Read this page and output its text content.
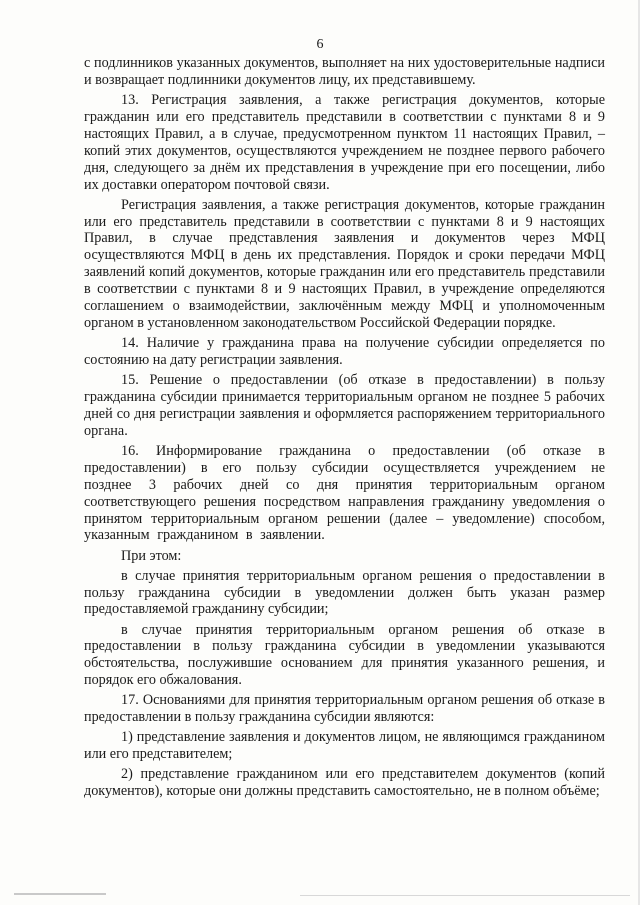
6

с подлинников указанных документов, выполняет на них удостоверительные надписи и возвращает подлинники документов лицу, их представившему.

13. Регистрация заявления, а также регистрация документов, которые гражданин или его представитель представили в соответствии с пунктами 8 и 9 настоящих Правил, а в случае, предусмотренном пунктом 11 настоящих Правил, – копий этих документов, осуществляются учреждением не позднее первого рабочего дня, следующего за днём их представления в учреждение при его посещении, либо их доставки оператором почтовой связи.

Регистрация заявления, а также регистрация документов, которые гражданин или его представитель представили в соответствии с пунктами 8 и 9 настоящих Правил, в случае представления заявления и документов через МФЦ осуществляются МФЦ в день их представления. Порядок и сроки передачи МФЦ заявлений копий документов, которые гражданин или его представитель представили в соответствии с пунктами 8 и 9 настоящих Правил, в учреждение определяются соглашением о взаимодействии, заключённым между МФЦ и уполномоченным органом в установленном законодательством Российской Федерации порядке.

14. Наличие у гражданина права на получение субсидии определяется по состоянию на дату регистрации заявления.

15. Решение о предоставлении (об отказе в предоставлении) в пользу гражданина субсидии принимается территориальным органом не позднее 5 рабочих дней со дня регистрации заявления и оформляется распоряжением территориального органа.

16. Информирование гражданина о предоставлении (об отказе в предоставлении) в его пользу субсидии осуществляется учреждением не позднее 3 рабочих дней со дня принятия территориальным органом соответствующего решения посредством направления гражданину уведомления о принятом территориальным органом решении (далее – уведомление) способом, указанным гражданином в заявлении.

При этом:

в случае принятия территориальным органом решения о предоставлении в пользу гражданина субсидии в уведомлении должен быть указан размер предоставляемой гражданину субсидии;

в случае принятия территориальным органом решения об отказе в предоставлении в пользу гражданина субсидии в уведомлении указываются обстоятельства, послужившие основанием для принятия указанного решения, и порядок его обжалования.

17. Основаниями для принятия территориальным органом решения об отказе в предоставлении в пользу гражданина субсидии являются:

1) представление заявления и документов лицом, не являющимся гражданином или его представителем;

2) представление гражданином или его представителем документов (копий документов), которые они должны представить самостоятельно, не в полном объёме;
